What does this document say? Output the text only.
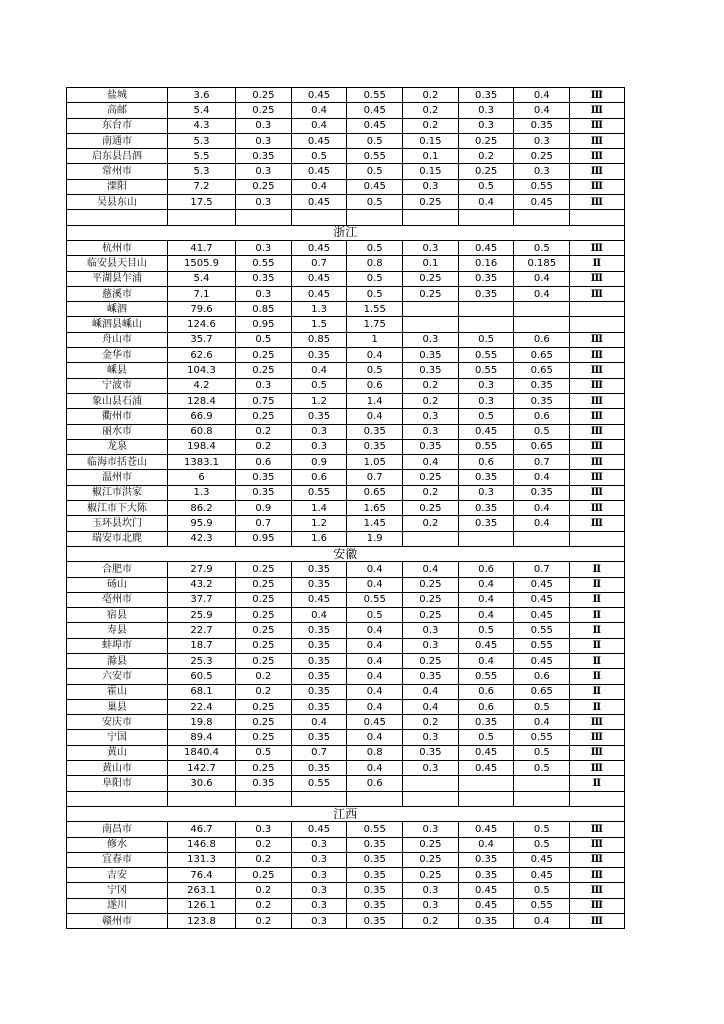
盐城	3.6	0.25	0.45	0.55	0.2	0.35	0.4	Ⅲ
高邮	5.4	0.25	0.4	0.45	0.2	0.3	0.4	Ⅲ
东台市	4.3	0.3	0.4	0.45	0.2	0.3	0.35	Ⅲ
南通市	5.3	0.3	0.45	0.5	0.15	0.25	0.3	Ⅲ
启东县吕泗	5.5	0.35	0.5	0.55	0.1	0.2	0.25	Ⅲ
常州市	5.3	0.3	0.45	0.5	0.15	0.25	0.3	Ⅲ
溧阳	7.2	0.25	0.4	0.45	0.3	0.5	0.55	Ⅲ
吴县东山	17.5	0.3	0.45	0.5	0.25	0.4	0.45	Ⅲ

浙江								
杭州市	41.7	0.3	0.45	0.5	0.3	0.45	0.5	Ⅲ
临安县天目山	1505.9	0.55	0.7	0.8	0.1	0.16	0.185	Ⅱ
平湖县乍浦	5.4	0.35	0.45	0.5	0.25	0.35	0.4	Ⅲ
慈溪市	7.1	0.3	0.45	0.5	0.25	0.35	0.4	Ⅲ
嵊泗	79.6	0.85	1.3	1.55				
嵊泗县嵊山	124.6	0.95	1.5	1.75				
舟山市	35.7	0.5	0.85	1	0.3	0.5	0.6	Ⅲ
金华市	62.6	0.25	0.35	0.4	0.35	0.55	0.65	Ⅲ
嵊县	104.3	0.25	0.4	0.5	0.35	0.55	0.65	Ⅲ
宁波市	4.2	0.3	0.5	0.6	0.2	0.3	0.35	Ⅲ
象山县石浦	128.4	0.75	1.2	1.4	0.2	0.3	0.35	Ⅲ
衢州市	66.9	0.25	0.35	0.4	0.3	0.5	0.6	Ⅲ
丽水市	60.8	0.2	0.3	0.35	0.3	0.45	0.5	Ⅲ
龙泉	198.4	0.2	0.3	0.35	0.35	0.55	0.65	Ⅲ
临海市括苍山	1383.1	0.6	0.9	1.05	0.4	0.6	0.7	Ⅲ
温州市	6	0.35	0.6	0.7	0.25	0.35	0.4	Ⅲ
椒江市洪家	1.3	0.35	0.55	0.65	0.2	0.3	0.35	Ⅲ
椒江市下大陈	86.2	0.9	1.4	1.65	0.25	0.35	0.4	Ⅲ
玉环县坎门	95.9	0.7	1.2	1.45	0.2	0.35	0.4	Ⅲ
瑞安市北麂	42.3	0.95	1.6	1.9				
安徽								
合肥市	27.9	0.25	0.35	0.4	0.4	0.6	0.7	Ⅱ
砀山	43.2	0.25	0.35	0.4	0.25	0.4	0.45	Ⅱ
亳州市	37.7	0.25	0.45	0.55	0.25	0.4	0.45	Ⅱ
宿县	25.9	0.25	0.4	0.5	0.25	0.4	0.45	Ⅱ
寿县	22.7	0.25	0.35	0.4	0.3	0.5	0.55	Ⅱ
蚌埠市	18.7	0.25	0.35	0.4	0.3	0.45	0.55	Ⅱ
滁县	25.3	0.25	0.35	0.4	0.25	0.4	0.45	Ⅱ
六安市	60.5	0.2	0.35	0.4	0.35	0.55	0.6	Ⅱ
霍山	68.1	0.2	0.35	0.4	0.4	0.6	0.65	Ⅱ
巢县	22.4	0.25	0.35	0.4	0.4	0.6	0.5	Ⅱ
安庆市	19.8	0.25	0.4	0.45	0.2	0.35	0.4	Ⅲ
宁国	89.4	0.25	0.35	0.4	0.3	0.5	0.55	Ⅲ
黄山	1840.4	0.5	0.7	0.8	0.35	0.45	0.5	Ⅲ
黄山市	142.7	0.25	0.35	0.4	0.3	0.45	0.5	Ⅲ
阜阳市	30.6	0.35	0.55	0.6				Ⅱ

江西								
南昌市	46.7	0.3	0.45	0.55	0.3	0.45	0.5	Ⅲ
修水	146.8	0.2	0.3	0.35	0.25	0.4	0.5	Ⅲ
宜春市	131.3	0.2	0.3	0.35	0.25	0.35	0.45	Ⅲ
吉安	76.4	0.25	0.3	0.35	0.25	0.35	0.45	Ⅲ
宁冈	263.1	0.2	0.3	0.35	0.3	0.45	0.5	Ⅲ
遂川	126.1	0.2	0.3	0.35	0.3	0.45	0.55	Ⅲ
赣州市	123.8	0.2	0.3	0.35	0.2	0.35	0.4	Ⅲ
